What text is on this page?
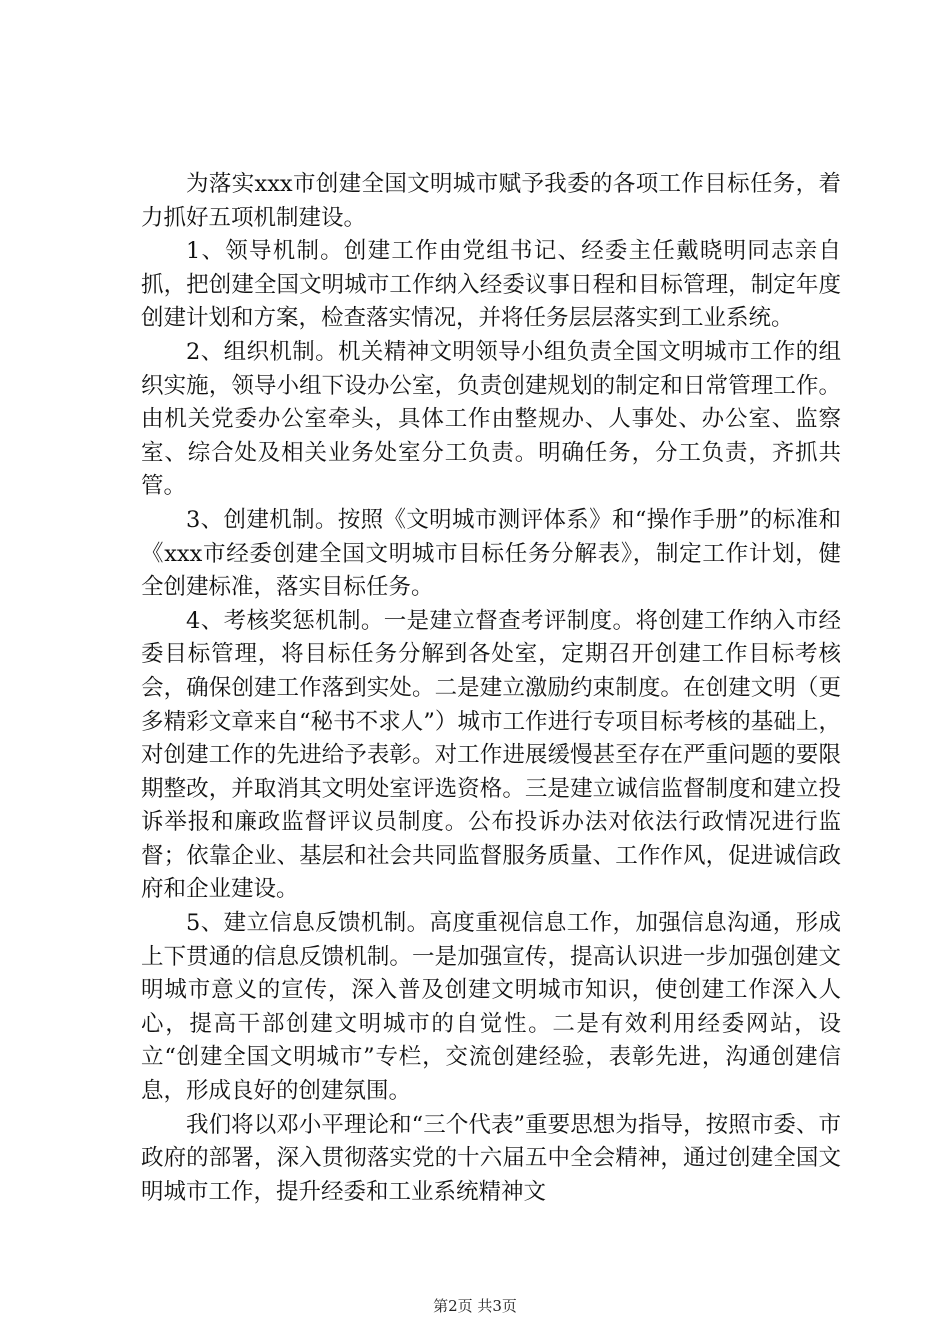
为落实xxx市创建全国文明城市赋予我委的各项工作目标任务，着力抓好五项机制建设。

1、领导机制。创建工作由党组书记、经委主任戴晓明同志亲自抓，把创建全国文明城市工作纳入经委议事日程和目标管理，制定年度创建计划和方案，检查落实情况，并将任务层层落实到工业系统。

2、组织机制。机关精神文明领导小组负责全国文明城市工作的组织实施，领导小组下设办公室，负责创建规划的制定和日常管理工作。由机关党委办公室牵头，具体工作由整规办、人事处、办公室、监察室、综合处及相关业务处室分工负责。明确任务，分工负责，齐抓共管。

3、创建机制。按照《文明城市测评体系》和“操作手册”的标准和《xxx市经委创建全国文明城市目标任务分解表》，制定工作计划，健全创建标准，落实目标任务。

4、考核奖惩机制。一是建立督查考评制度。将创建工作纳入市经委目标管理，将目标任务分解到各处室，定期召开创建工作目标考核会，确保创建工作落到实处。二是建立激励约束制度。在创建文明（更多精彩文章来自“秘书不求人”）城市工作进行专项目标考核的基础上，对创建工作的先进给予表彰。对工作进展缓慢甚至存在严重问题的要限期整改，并取消其文明处室评选资格。三是建立诚信监督制度和建立投诉举报和廉政监督评议员制度。公布投诉办法对依法行政情况进行监督；依靠企业、基层和社会共同监督服务质量、工作作风，促进诚信政府和企业建设。

5、建立信息反馈机制。高度重视信息工作，加强信息沟通，形成上下贯通的信息反馈机制。一是加强宣传，提高认识进一步加强创建文明城市意义的宣传，深入普及创建文明城市知识，使创建工作深入人心，提高干部创建文明城市的自觉性。二是有效利用经委网站，设立“创建全国文明城市”专栏，交流创建经验，表彰先进，沟通创建信息，形成良好的创建氛围。

我们将以邓小平理论和“三个代表”重要思想为指导，按照市委、市政府的部署，深入贯彻落实党的十六届五中全会精神，通过创建全国文明城市工作，提升经委和工业系统精神文

第2页 共3页
